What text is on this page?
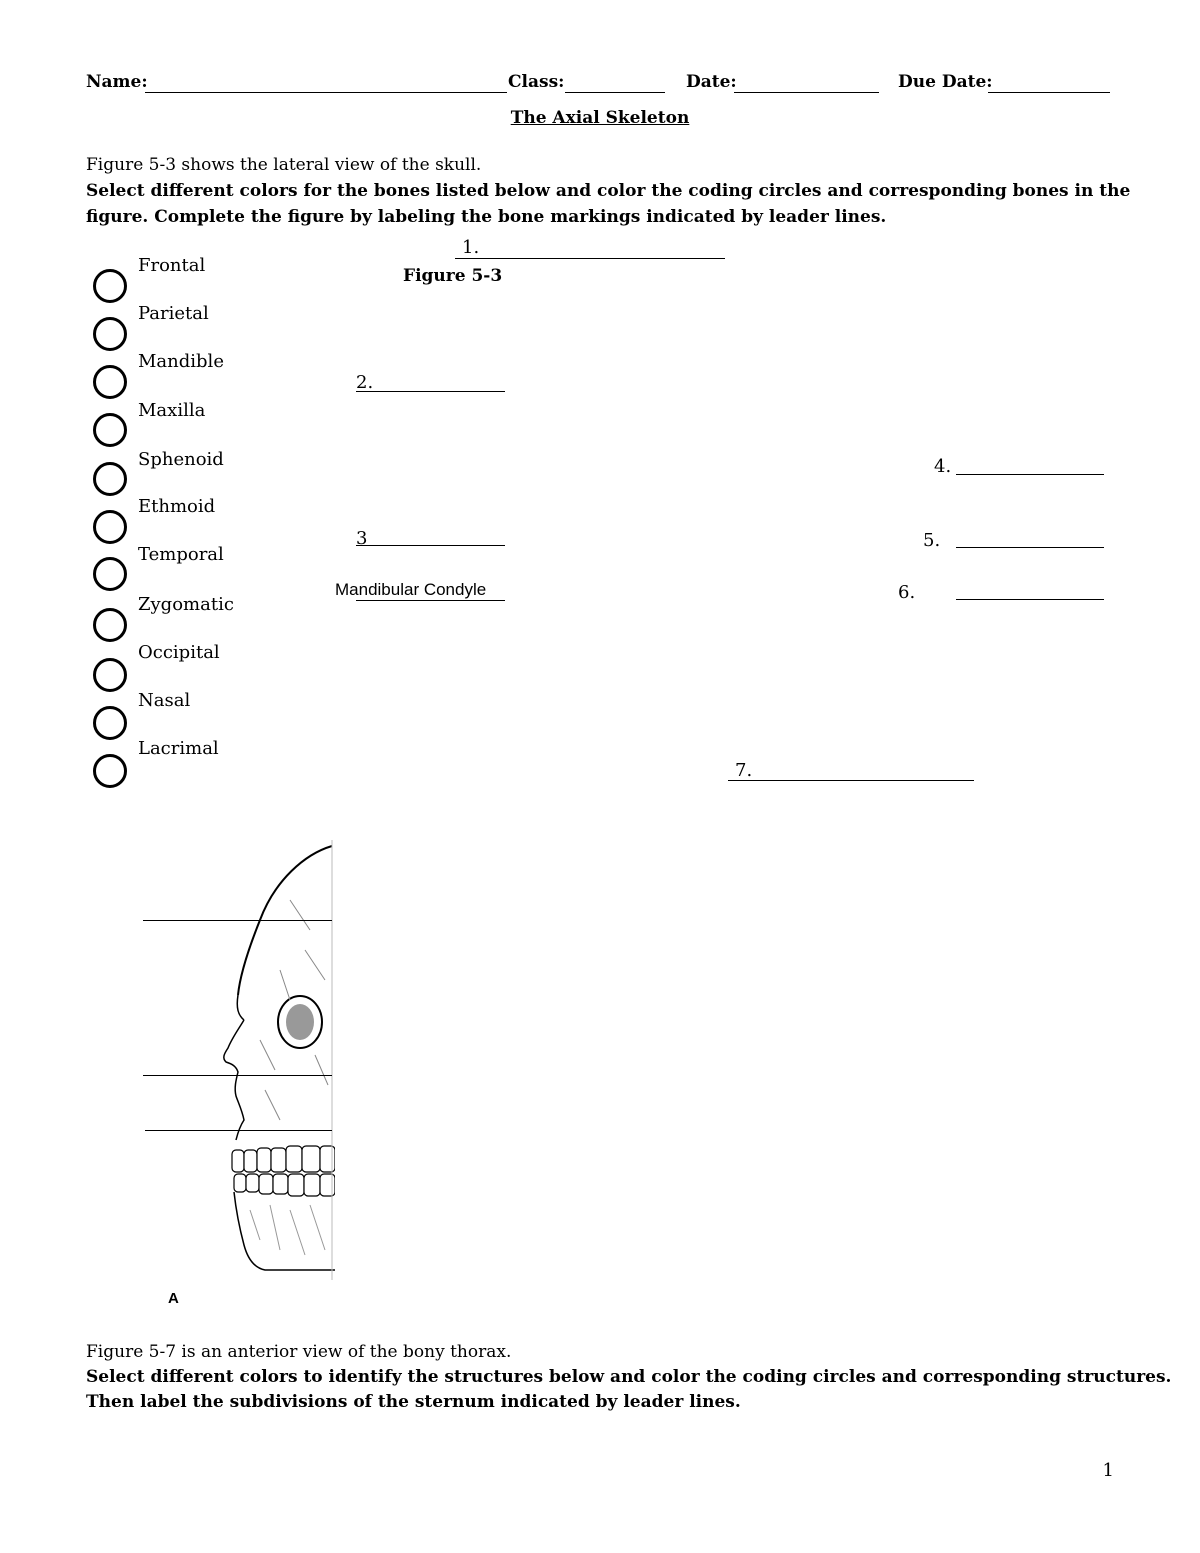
Name:	Class:	Date:	Due Date:
The Axial Skeleton
Figure 5-3 shows the lateral view of the skull.
Select different colors for the bones listed below and color the coding circles and corresponding bones in the
figure. Complete the figure by labeling the bone markings indicated by leader lines.
Frontal
Parietal
Mandible
Maxilla
Sphenoid
Ethmoid
Temporal
Zygomatic
Occipital
Nasal
Lacrimal
Figure 5-3
1.
2.
3
Mandibular Condyle
4.
5.
6.
7.
A
Figure 5-7 is an anterior view of the bony thorax.
Select different colors to identify the structures below and color the coding circles and corresponding structures.
Then label the subdivisions of the sternum indicated by leader lines.
1
